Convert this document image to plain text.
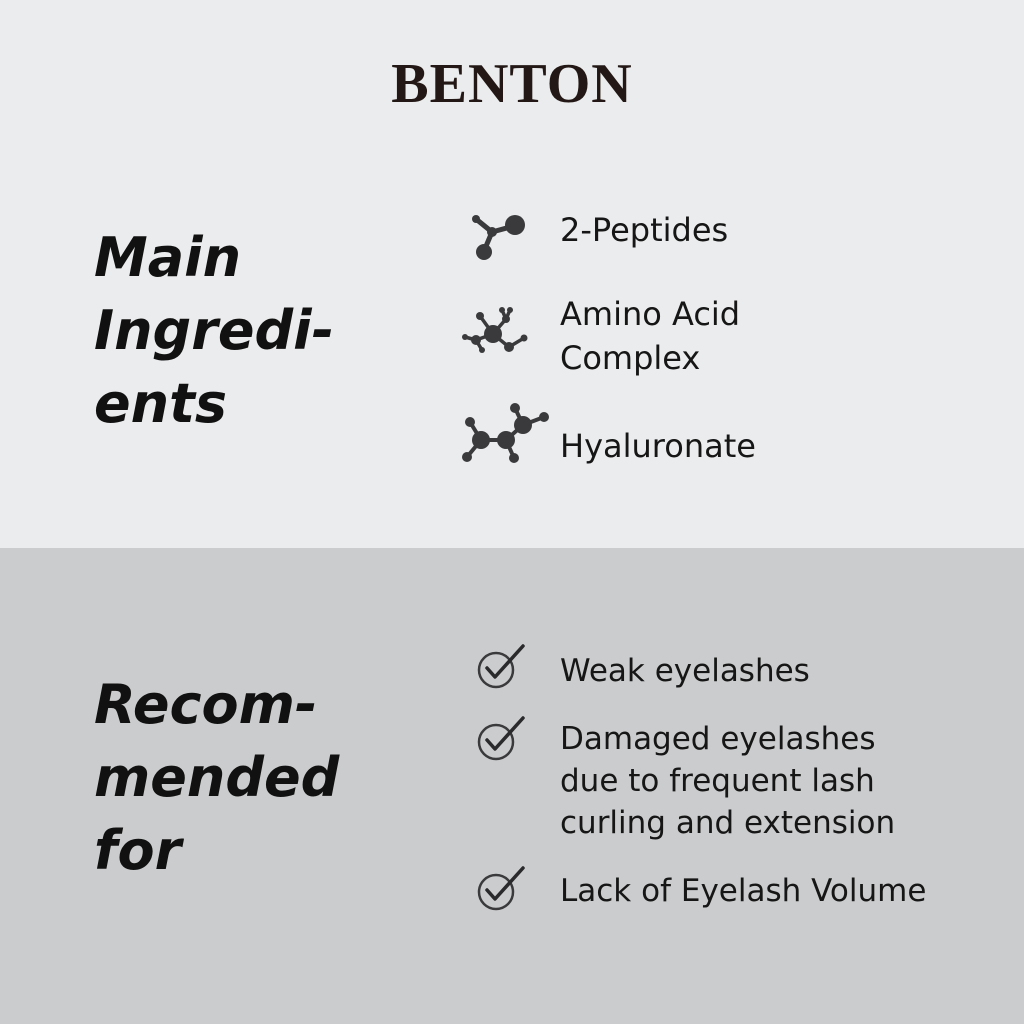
BENTON
Main
Ingredi-
ents
2-Peptides
Amino Acid
Complex
Hyaluronate
Recom-
mended
for
Weak eyelashes
Damaged eyelashes
due to frequent lash
curling and extension
Lack of Eyelash Volume
